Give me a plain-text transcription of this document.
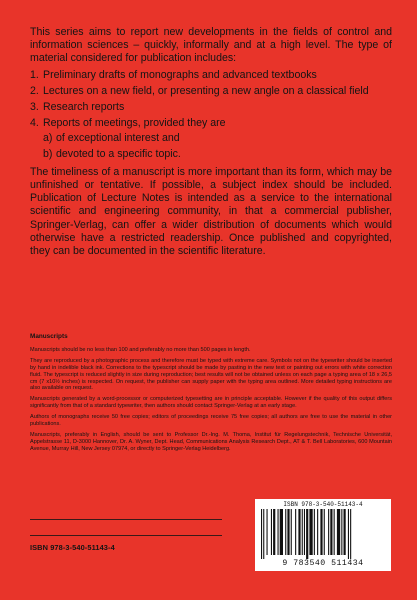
This series aims to report new developments in the fields of control and information sciences – quickly, informally and at a high level. The type of material considered for publication includes:

1. Preliminary drafts of monographs and advanced textbooks
2. Lectures on a new field, or presenting a new angle on a classical field
3. Research reports
4. Reports of meetings, provided they are
a) of exceptional interest and
b) devoted to a specific topic.

The timeliness of a manuscript is more important than its form, which may be unfinished or tentative. If possible, a subject index should be included. Publication of Lecture Notes is intended as a service to the international scientific and engineering community, in that a commercial publisher, Springer-Verlag, can offer a wider distribution of documents which would otherwise have a restricted readership. Once published and copyrighted, they can be documented in the scientific literature.

Manuscripts

Manuscripts should be no less than 100 and preferably no more than 500 pages in length.

They are reproduced by a photographic process and therefore must be typed with extreme care. Symbols not on the typewriter should be inserted by hand in indelible black ink. Corrections to the typescript should be made by pasting in the new text or painting out errors with white correction fluid. The typescript is reduced slightly in size during reproduction; best results will not be obtained unless on each page a typing area of 18 x 26,5 cm (7 x10½ inches) is respected. On request, the publisher can supply paper with the typing area outlined. More detailed typing instructions are also available on request.

Manuscripts generated by a word-processor or computerized typesetting are in principle acceptable. However if the quality of this output differs significantly from that of a standard typewriter, then authors should contact Springer-Verlag at an early stage.

Authors of monographs receive 50 free copies; editors of proceedings receive 75 free copies; all authors are free to use the material in other publications.

Manuscripts, preferably in English, should be sent to Professor Dr.-Ing. M. Thoma, Institut für Regelungstechnik, Technische Universität, Appelstrasse 11, D-3000 Hannover, Dr. A. Wyner, Dept. Head, Communications Analysis Research Dept., AT & T. Bell Laboratories, 600 Mountain Avenue, Murray Hill, New Jersey 07974, or directly to Springer-Verlag Heidelberg.

ISBN 978-3-540-51143-4
ISBN 978-3-540-51143-4
9 783540 511434
